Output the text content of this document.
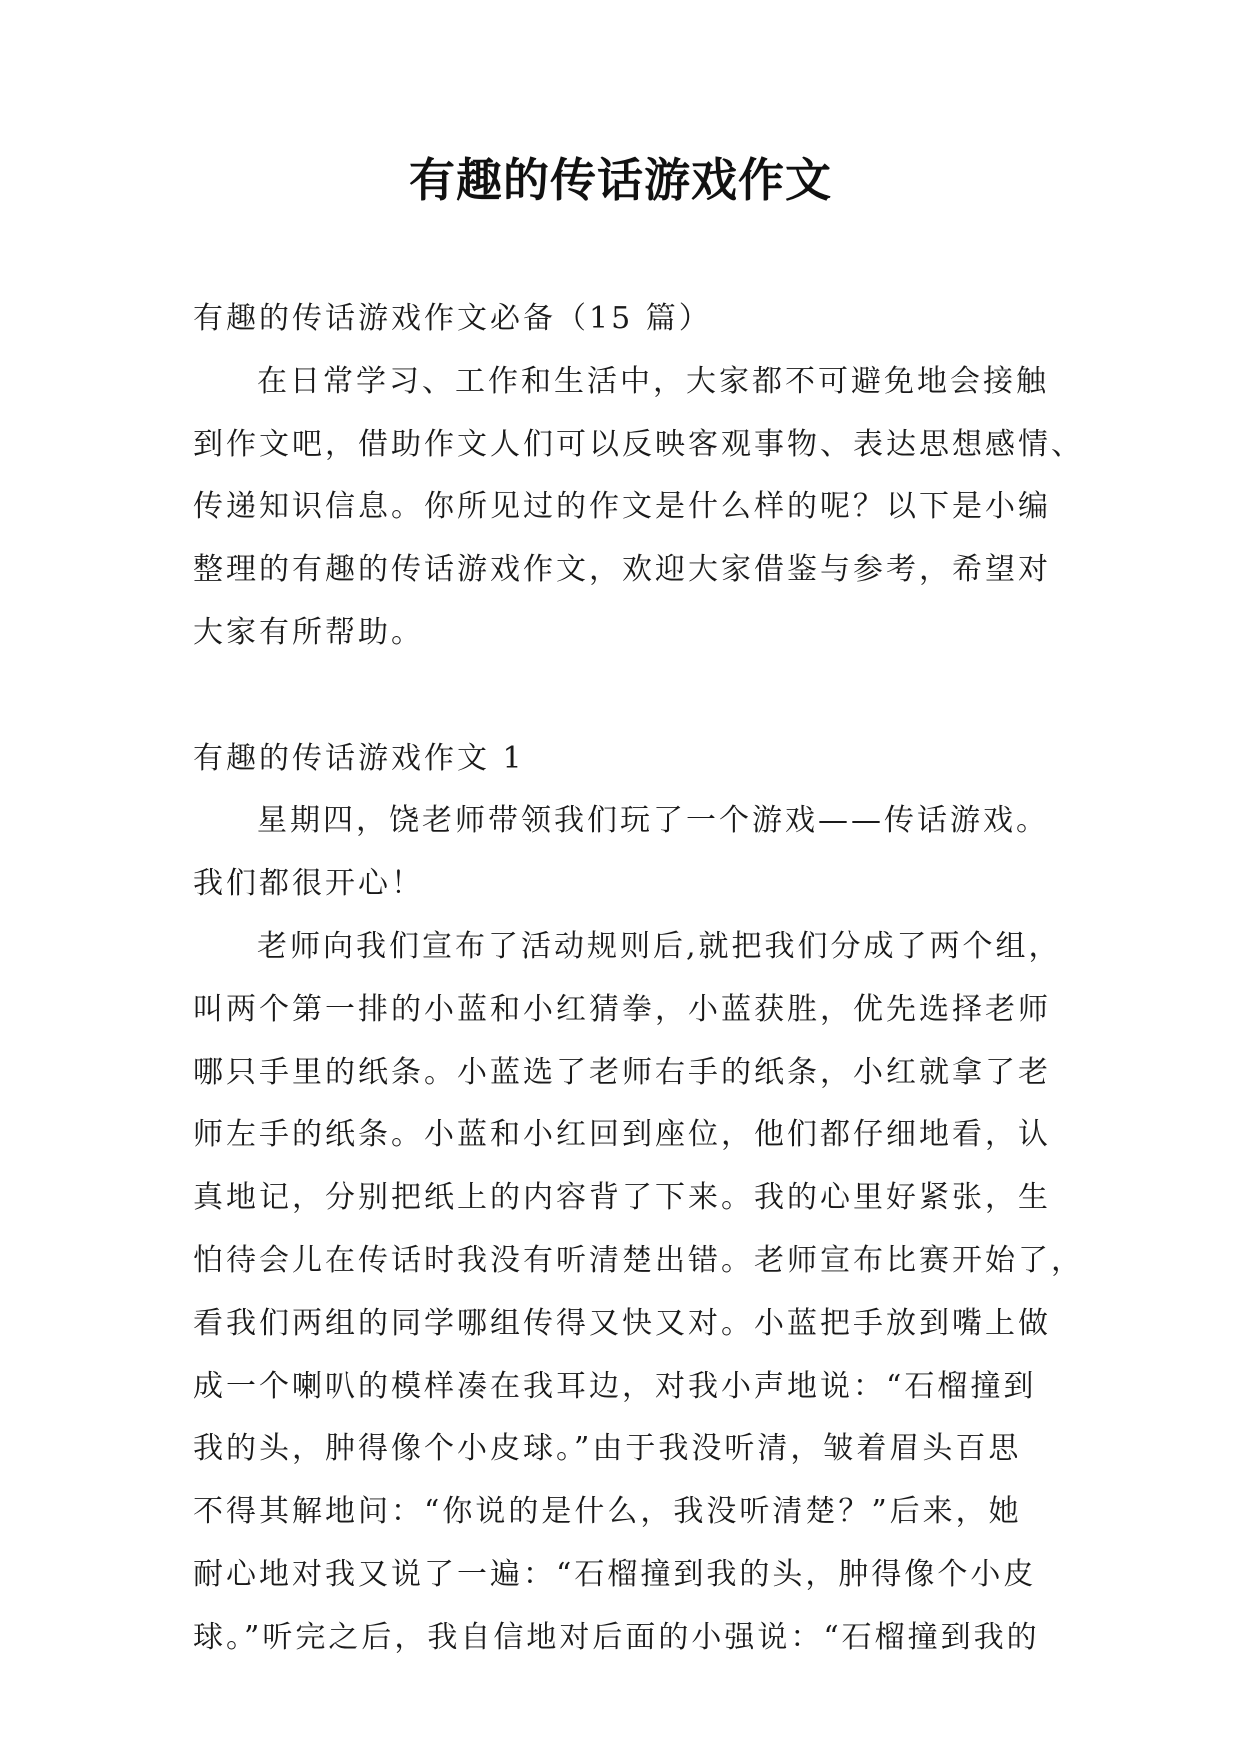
有趣的传话游戏作文
有趣的传话游戏作文必备（15 篇）
在日常学习、工作和生活中，大家都不可避免地会接触
到作文吧，借助作文人们可以反映客观事物、表达思想感情、
传递知识信息。你所见过的作文是什么样的呢？以下是小编
整理的有趣的传话游戏作文，欢迎大家借鉴与参考，希望对
大家有所帮助。
有趣的传话游戏作文 1
星期四，饶老师带领我们玩了一个游戏——传话游戏。
我们都很开心！
老师向我们宣布了活动规则后,就把我们分成了两个组，
叫两个第一排的小蓝和小红猜拳，小蓝获胜，优先选择老师
哪只手里的纸条。小蓝选了老师右手的纸条，小红就拿了老
师左手的纸条。小蓝和小红回到座位，他们都仔细地看，认
真地记，分别把纸上的内容背了下来。我的心里好紧张，生
怕待会儿在传话时我没有听清楚出错。老师宣布比赛开始了，
看我们两组的同学哪组传得又快又对。小蓝把手放到嘴上做
成一个喇叭的模样凑在我耳边，对我小声地说：“石榴撞到
我的头，肿得像个小皮球。”由于我没听清，皱着眉头百思
不得其解地问：“你说的是什么，我没听清楚？”后来，她
耐心地对我又说了一遍：“石榴撞到我的头，肿得像个小皮
球。”听完之后，我自信地对后面的小强说：“石榴撞到我的
